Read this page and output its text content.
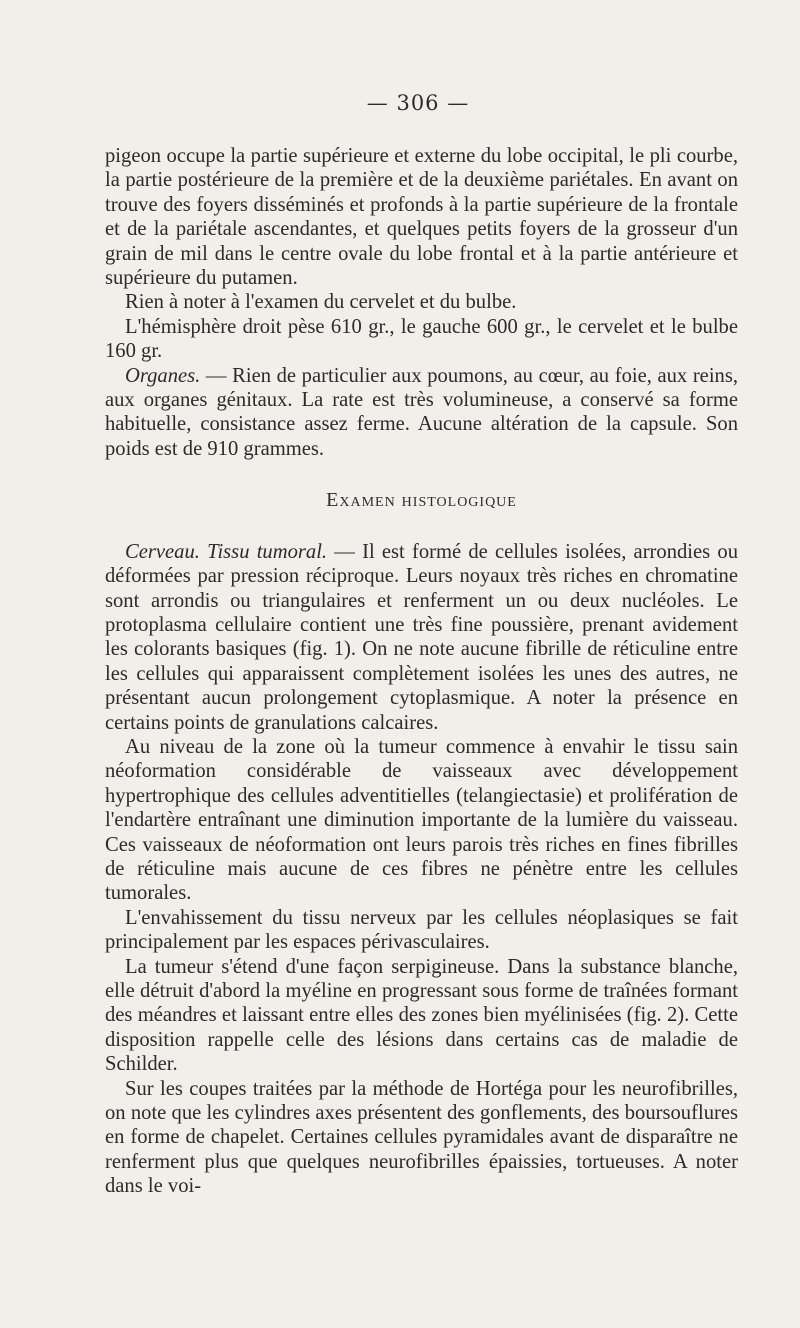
— 306 —

pigeon occupe la partie supérieure et externe du lobe occipital, le pli courbe, la partie postérieure de la première et de la deuxième pariétales. En avant on trouve des foyers disséminés et profonds à la partie supérieure de la frontale et de la pariétale ascendantes, et quelques petits foyers de la grosseur d'un grain de mil dans le centre ovale du lobe frontal et à la partie antérieure et supérieure du putamen.

Rien à noter à l'examen du cervelet et du bulbe.

L'hémisphère droit pèse 610 gr., le gauche 600 gr., le cervelet et le bulbe 160 gr.

Organes. — Rien de particulier aux poumons, au cœur, au foie, aux reins, aux organes génitaux. La rate est très volumineuse, a conservé sa forme habituelle, consistance assez ferme. Aucune altération de la capsule. Son poids est de 910 grammes.

Examen histologique

Cerveau. Tissu tumoral. — Il est formé de cellules isolées, arrondies ou déformées par pression réciproque. Leurs noyaux très riches en chromatine sont arrondis ou triangulaires et renferment un ou deux nucléoles. Le protoplasma cellulaire contient une très fine poussière, prenant avidement les colorants basiques (fig. 1). On ne note aucune fibrille de réticuline entre les cellules qui apparaissent complètement isolées les unes des autres, ne présentant aucun prolongement cytoplasmique. A noter la présence en certains points de granulations calcaires.

Au niveau de la zone où la tumeur commence à envahir le tissu sain néoformation considérable de vaisseaux avec développement hypertrophique des cellules adventitielles (telangiectasie) et prolifération de l'endartère entraînant une diminution importante de la lumière du vaisseau. Ces vaisseaux de néoformation ont leurs parois très riches en fines fibrilles de réticuline mais aucune de ces fibres ne pénètre entre les cellules tumorales.

L'envahissement du tissu nerveux par les cellules néoplasiques se fait principalement par les espaces périvasculaires.

La tumeur s'étend d'une façon serpigineuse. Dans la substance blanche, elle détruit d'abord la myéline en progressant sous forme de traînées formant des méandres et laissant entre elles des zones bien myélinisées (fig. 2). Cette disposition rappelle celle des lésions dans certains cas de maladie de Schilder.

Sur les coupes traitées par la méthode de Hortéga pour les neurofibrilles, on note que les cylindres axes présentent des gonflements, des boursouflures en forme de chapelet. Certaines cellules pyramidales avant de disparaître ne renferment plus que quelques neurofibrilles épaissies, tortueuses. A noter dans le voi-
